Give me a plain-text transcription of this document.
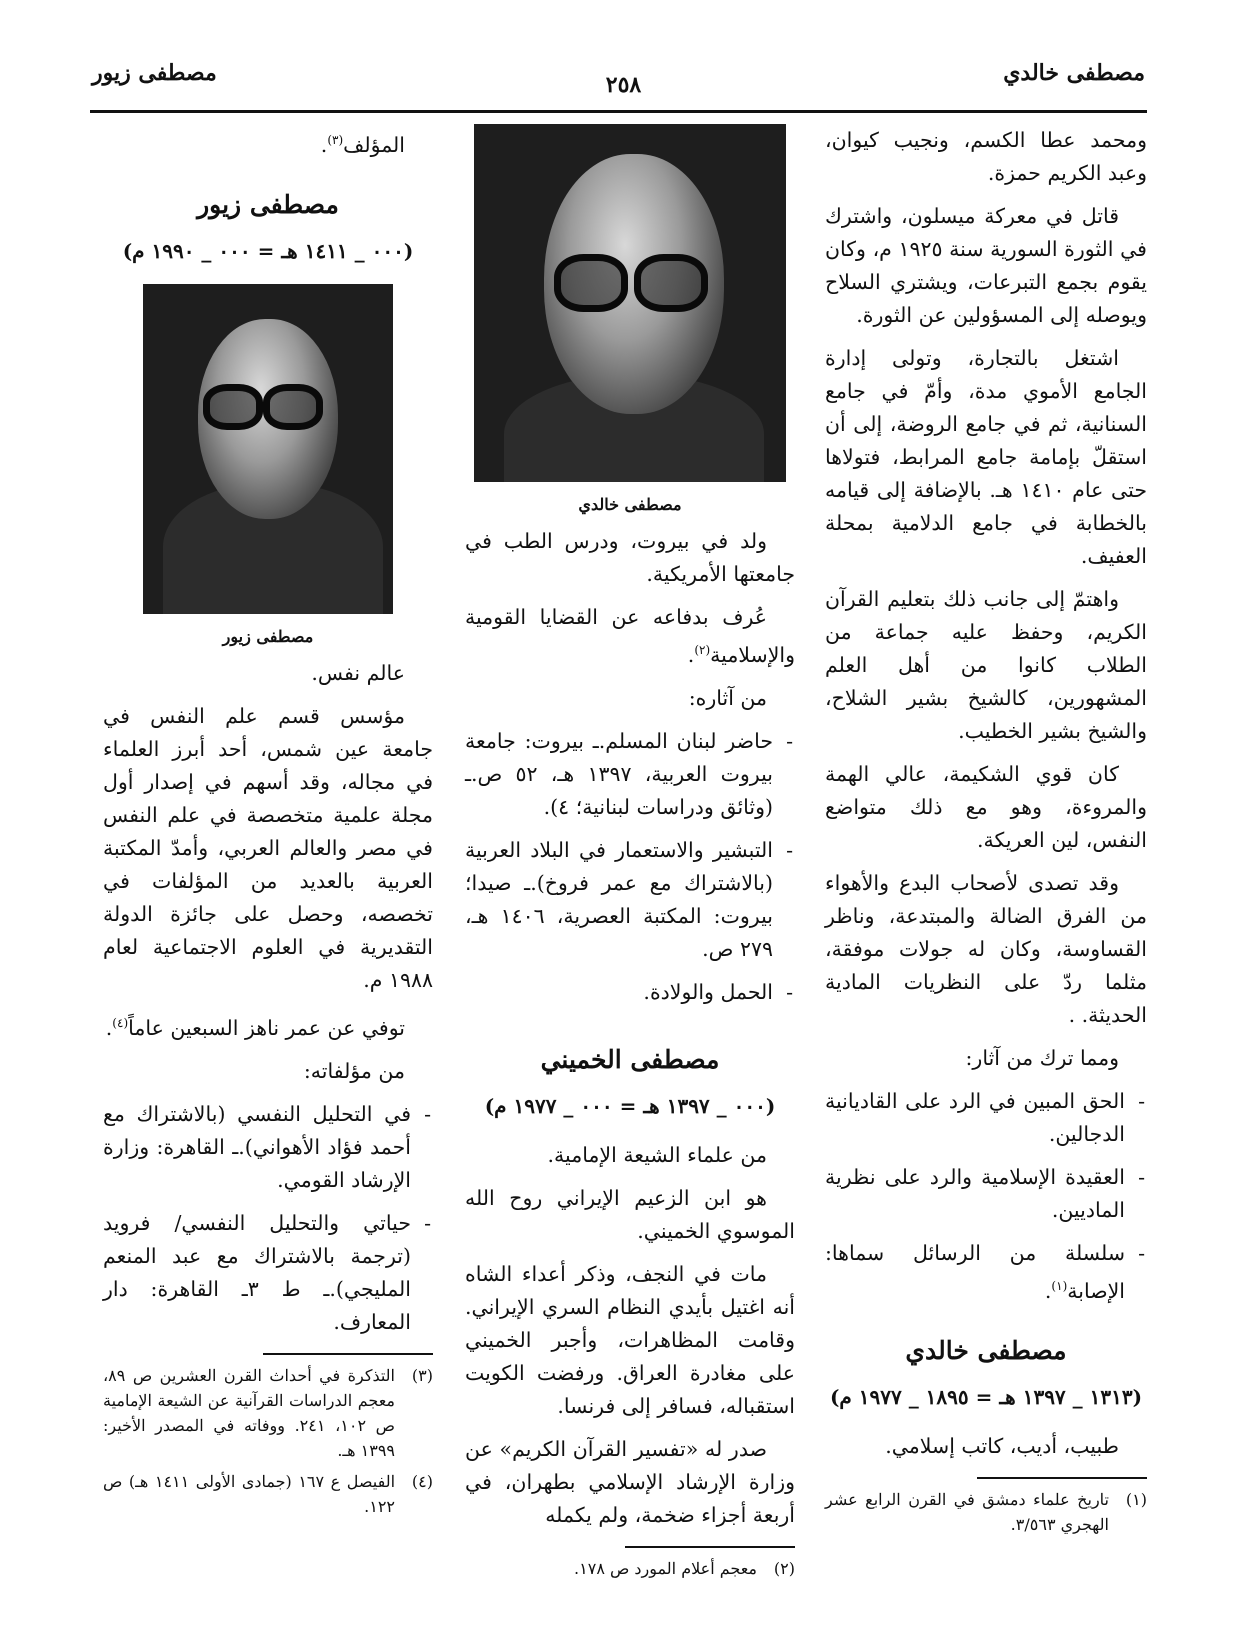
مصطفى خالدي
٢٥٨
مصطفى زيور

ومحمد عطا الكسم، ونجيب كيوان، وعبد الكريم حمزة.

قاتل في معركة ميسلون، واشترك في الثورة السورية سنة ١٩٢٥ م، وكان يقوم بجمع التبرعات، ويشتري السلاح ويوصله إلى المسؤولين عن الثورة.

اشتغل بالتجارة، وتولى إدارة الجامع الأموي مدة، وأمّ في جامع السنانية، ثم في جامع الروضة، إلى أن استقلّ بإمامة جامع المرابط، فتولاها حتى عام ١٤١٠ هـ. بالإضافة إلى قيامه بالخطابة في جامع الدلامية بمحلة العفيف.

واهتمّ إلى جانب ذلك بتعليم القرآن الكريم، وحفظ عليه جماعة من الطلاب كانوا من أهل العلم المشهورين، كالشيخ بشير الشلاح، والشيخ بشير الخطيب.

كان قوي الشكيمة، عالي الهمة والمروءة، وهو مع ذلك متواضع النفس، لين العريكة.

وقد تصدى لأصحاب البدع والأهواء من الفرق الضالة والمبتدعة، وناظر القساوسة، وكان له جولات موفقة، مثلما ردّ على النظريات المادية الحديثة. .

ومما ترك من آثار:

- الحق المبين في الرد على القاديانية الدجالين.
- العقيدة الإسلامية والرد على نظرية الماديين.
- سلسلة من الرسائل سماها: الإصابة$^{(١)}$.
مصطفى خالدي
(١٣١٣ _ ١٣٩٧ هـ = ١٨٩٥ _ ١٩٧٧ م)

طبيب، أديب، كاتب إسلامي.

(١)
تاريخ علماء دمشق في القرن الرابع عشر الهجري ٣/٥٦٣.
مصطفى خالدي

ولد في بيروت، ودرس الطب في جامعتها الأمريكية.

عُرف بدفاعه عن القضايا القومية والإسلامية$^{(٢)}$.

من آثاره:

- حاضر لبنان المسلم.ـ بيروت: جامعة بيروت العربية، ١٣٩٧ هـ، ٥٢ ص.ـ (وثائق ودراسات لبنانية؛ ٤).
- التبشير والاستعمار في البلاد العربية (بالاشتراك مع عمر فروخ).ـ صيدا؛ بيروت: المكتبة العصرية، ١٤٠٦ هـ، ٢٧٩ ص.
- الحمل والولادة.
مصطفى الخميني
(٠٠٠ _ ١٣٩٧ هـ = ٠٠٠ _ ١٩٧٧ م)

من علماء الشيعة الإمامية.

هو ابن الزعيم الإيراني روح الله الموسوي الخميني.

مات في النجف، وذكر أعداء الشاه أنه اغتيل بأيدي النظام السري الإيراني. وقامت المظاهرات، وأجبر الخميني على مغادرة العراق. ورفضت الكويت استقباله، فسافر إلى فرنسا.

صدر له «تفسير القرآن الكريم» عن وزارة الإرشاد الإسلامي بطهران، في أربعة أجزاء ضخمة، ولم يكمله

(٢)
معجم أعلام المورد ص ١٧٨.

المؤلف$^{(٣)}$.

مصطفى زيور
(٠٠٠ _ ١٤١١ هـ = ٠٠٠ _ ١٩٩٠ م)
مصطفى زيور

عالم نفس.

مؤسس قسم علم النفس في جامعة عين شمس، أحد أبرز العلماء في مجاله، وقد أسهم في إصدار أول مجلة علمية متخصصة في علم النفس في مصر والعالم العربي، وأمدّ المكتبة العربية بالعديد من المؤلفات في تخصصه، وحصل على جائزة الدولة التقديرية في العلوم الاجتماعية لعام ١٩٨٨ م.

توفي عن عمر ناهز السبعين عاماً$^{(٤)}$.

من مؤلفاته:

- في التحليل النفسي (بالاشتراك مع أحمد فؤاد الأهواني).ـ القاهرة: وزارة الإرشاد القومي.
- حياتي والتحليل النفسي/ فرويد (ترجمة بالاشتراك مع عبد المنعم المليجي).ـ ط ٣ـ القاهرة: دار المعارف.
(٣)
التذكرة في أحداث القرن العشرين ص ٨٩، معجم الدراسات القرآنية عن الشيعة الإمامية ص ١٠٢، ٢٤١. ووفاته في المصدر الأخير: ١٣٩٩ هـ.
(٤)
الفيصل ع ١٦٧ (جمادى الأولى ١٤١١ هـ) ص ١٢٢.
